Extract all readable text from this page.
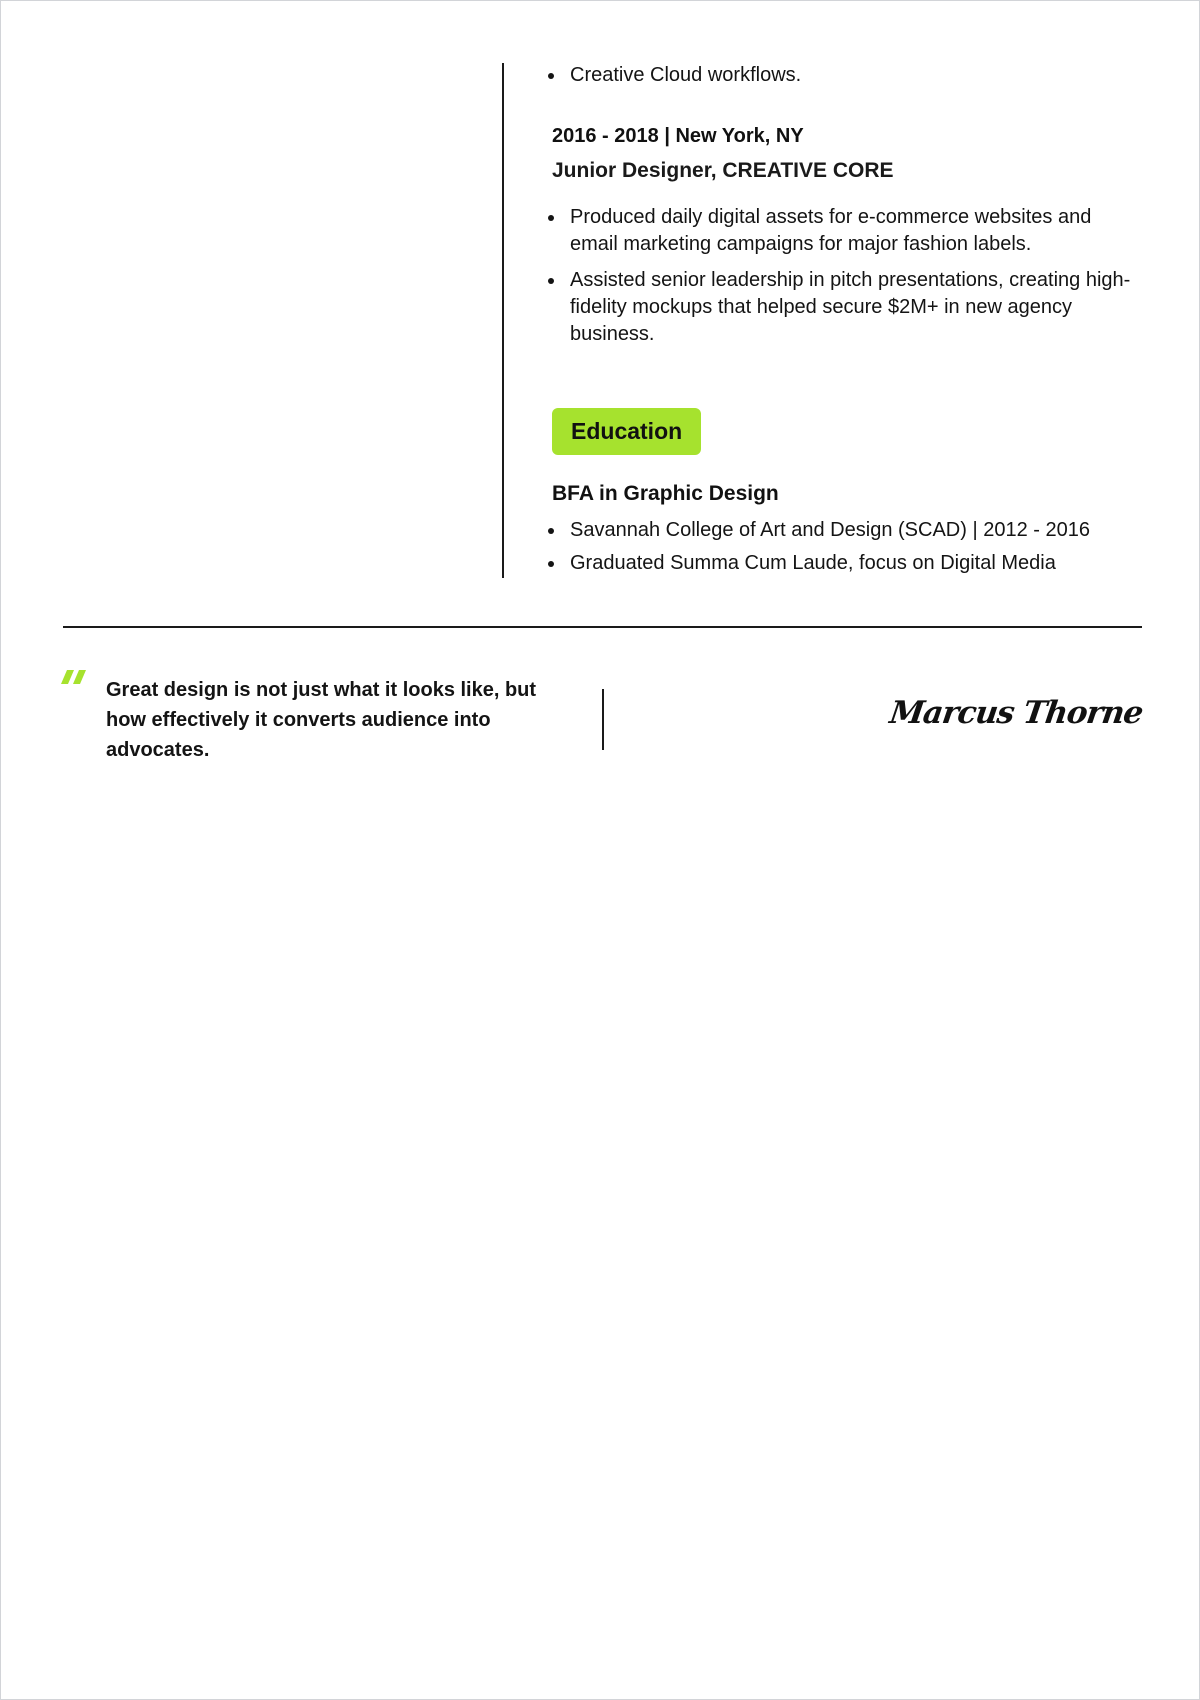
Creative Cloud workflows.
2016 - 2018 | New York, NY
Junior Designer, CREATIVE CORE
Produced daily digital assets for e-commerce websites and email marketing campaigns for major fashion labels.
Assisted senior leadership in pitch presentations, creating high-fidelity mockups that helped secure $2M+ in new agency business.
Education
BFA in Graphic Design
Savannah College of Art and Design (SCAD) | 2012 - 2016
Graduated Summa Cum Laude, focus on Digital Media
Great design is not just what it looks like, but how effectively it converts audience into advocates.
Marcus Thorne
